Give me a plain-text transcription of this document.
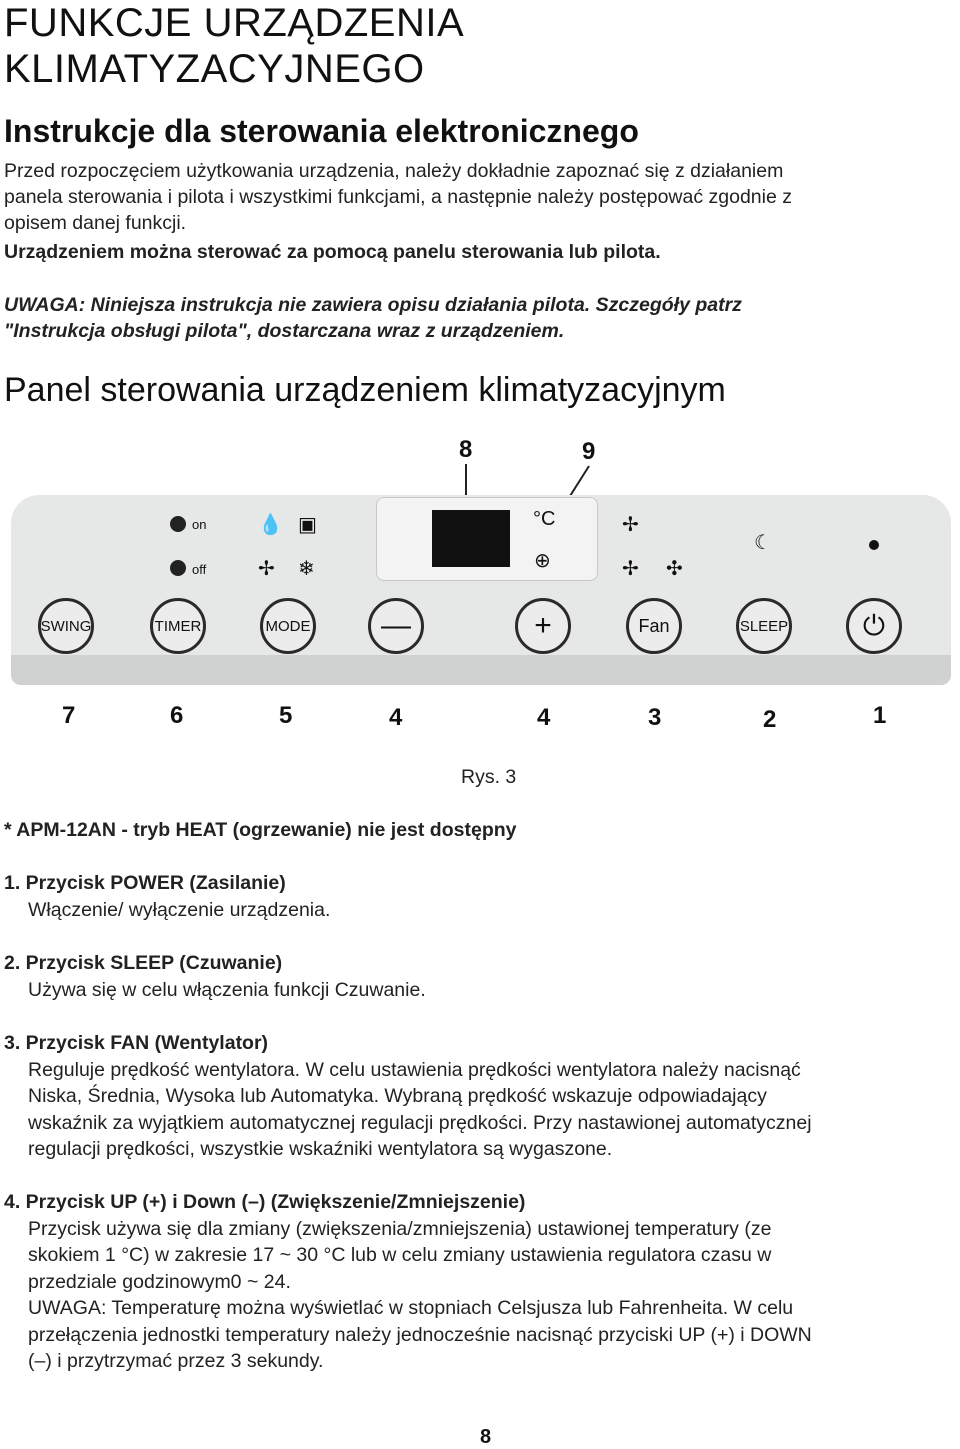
FUNKCJE URZĄDZENIA
KLIMATYZACYJNEGO
Instrukcje dla sterowania elektronicznego
Przed rozpoczęciem użytkowania urządzenia, należy dokładnie zapoznać się z działaniem
panela sterowania i pilota i wszystkimi funkcjami, a następnie należy postępować zgodnie z
opisem danej funkcji.
Urządzeniem można sterować za pomocą panelu sterowania lub pilota.
UWAGA: Niniejsza instrukcja nie zawiera opisu działania pilota. Szczegóły patrz
"Instrukcja obsługi pilota", dostarczana wraz z urządzeniem.
Panel sterowania urządzeniem klimatyzacyjnym
8	9
on
off
💧 ▣
✢ ❄
°C
⊕
✢
✢ ✣
☾
SWING	TIMER	MODE	—	+	Fan	SLEEP	⏻
7	6	5	4	4	3	2	1
Rys. 3
* APM-12AN - tryb HEAT (ogrzewanie) nie jest dostępny
1. Przycisk POWER (Zasilanie)
Włączenie/ wyłączenie urządzenia.
2. Przycisk SLEEP (Czuwanie)
Używa się w celu włączenia funkcji Czuwanie.
3. Przycisk FAN (Wentylator)
Reguluje prędkość wentylatora. W celu ustawienia prędkości wentylatora należy nacisnąć
Niska, Średnia, Wysoka lub Automatyka. Wybraną prędkość wskazuje odpowiadający
wskaźnik za wyjątkiem automatycznej regulacji prędkości. Przy nastawionej automatycznej
regulacji prędkości, wszystkie wskaźniki wentylatora są wygaszone.
4. Przycisk UP (+) i Down (–) (Zwiększenie/Zmniejszenie)
Przycisk używa się dla zmiany (zwiększenia/zmniejszenia) ustawionej temperatury (ze
skokiem 1 °C) w zakresie 17 ~ 30 °C lub w celu zmiany ustawienia regulatora czasu w
przedziale godzinowym0 ~ 24.
UWAGA: Temperaturę można wyświetlać w stopniach Celsjusza lub Fahrenheita. W celu
przełączenia jednostki temperatury należy jednocześnie nacisnąć przyciski UP (+) i DOWN
(–) i przytrzymać przez 3 sekundy.
8
